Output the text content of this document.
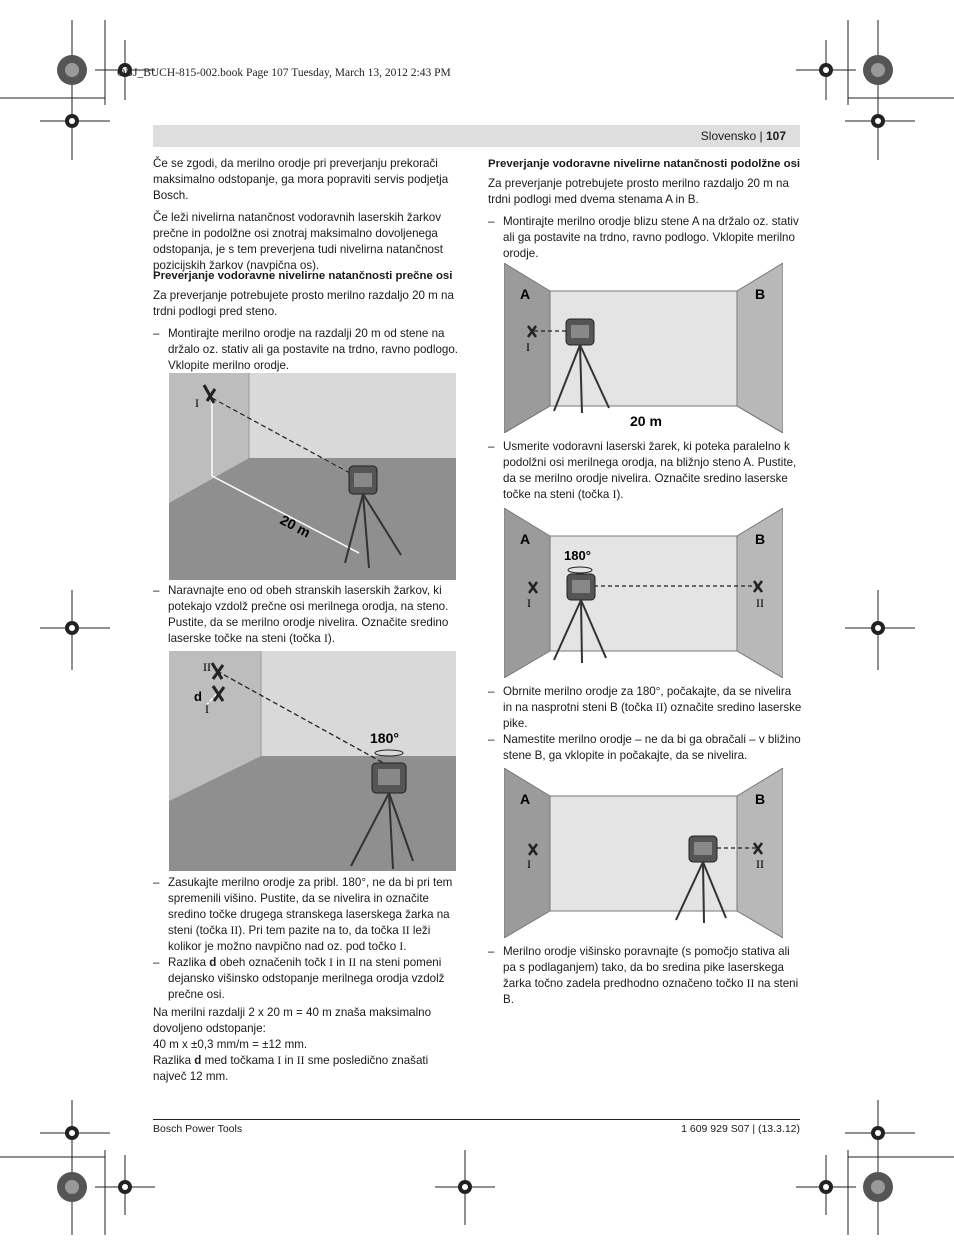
OBJ_BUCH-815-002.book Page 107 Tuesday, March 13, 2012 2:43 PM
Slovensko | 107

Če se zgodi, da merilno orodje pri preverjanju prekorači maksimalno odstopanje, ga mora popraviti servis podjetja Bosch.

Če leži nivelirna natančnost vodoravnih laserskih žarkov prečne in podolžne osi znotraj maksimalno dovoljenega odstopanja, je s tem preverjena tudi nivelirna natančnost pozicijskih žarkov (navpična os).

Preverjanje vodoravne nivelirne natančnosti prečne osi

Za preverjanje potrebujete prosto merilno razdaljo 20 m na trdni podlogi pred steno.

– Montirajte merilno orodje na razdalji 20 m od stene na držalo oz. stativ ali ga postavite na trdno, ravno podlogo. Vklopite merilno orodje.
I
20 m
– Naravnajte eno od obeh stranskih laserskih žarkov, ki potekajo vzdolž prečne osi merilnega orodja, na steno. Pustite, da se merilno orodje nivelira. Označite sredino laserske točke na steni (točka I).
II
I
d
180°
– Zasukajte merilno orodje za pribl. 180°, ne da bi pri tem spremenili višino. Pustite, da se nivelira in označite sredino točke drugega stranskega laserskega žarka na steni (točka II). Pri tem pazite na to, da točka II leži kolikor je možno navpično nad oz. pod točko I.
– Razlika d obeh označenih točk I in II na steni pomeni dejansko višinsko odstopanje merilnega orodja vzdolž prečne osi.
Na merilni razdalji 2 x 20 m = 40 m znaša maksimalno dovoljeno odstopanje:
40 m x ±0,3 mm/m = ±12 mm.
Razlika d med točkama I in II sme posledično znašati največ 12 mm.
Preverjanje vodoravne nivelirne natančnosti podolžne osi

Za preverjanje potrebujete prosto merilno razdaljo 20 m na trdni podlogi med dvema stenama A in B.

– Montirajte merilno orodje blizu stene A na držalo oz. stativ ali ga postavite na trdno, ravno podlogo. Vklopite merilno orodje.
A	B
I
20 m
– Usmerite vodoravni laserski žarek, ki poteka paralelno k podolžni osi merilnega orodja, na bližnjo steno A. Pustite, da se merilno orodje nivelira. Označite sredino laserske točke na steni (točka I).
A	B
180°
I	II
– Obrnite merilno orodje za 180°, počakajte, da se nivelira in na nasprotni steni B (točka II) označite sredino laserske pike.
– Namestite merilno orodje – ne da bi ga obračali – v bližino stene B, ga vklopite in počakajte, da se nivelira.
A	B
I	II
– Merilno orodje višinsko poravnajte (s pomočjo stativa ali pa s podlaganjem) tako, da bo sredina pike laserskega žarka točno zadela predhodno označeno točko II na steni B.
Bosch Power Tools	1 609 929 S07 | (13.3.12)
